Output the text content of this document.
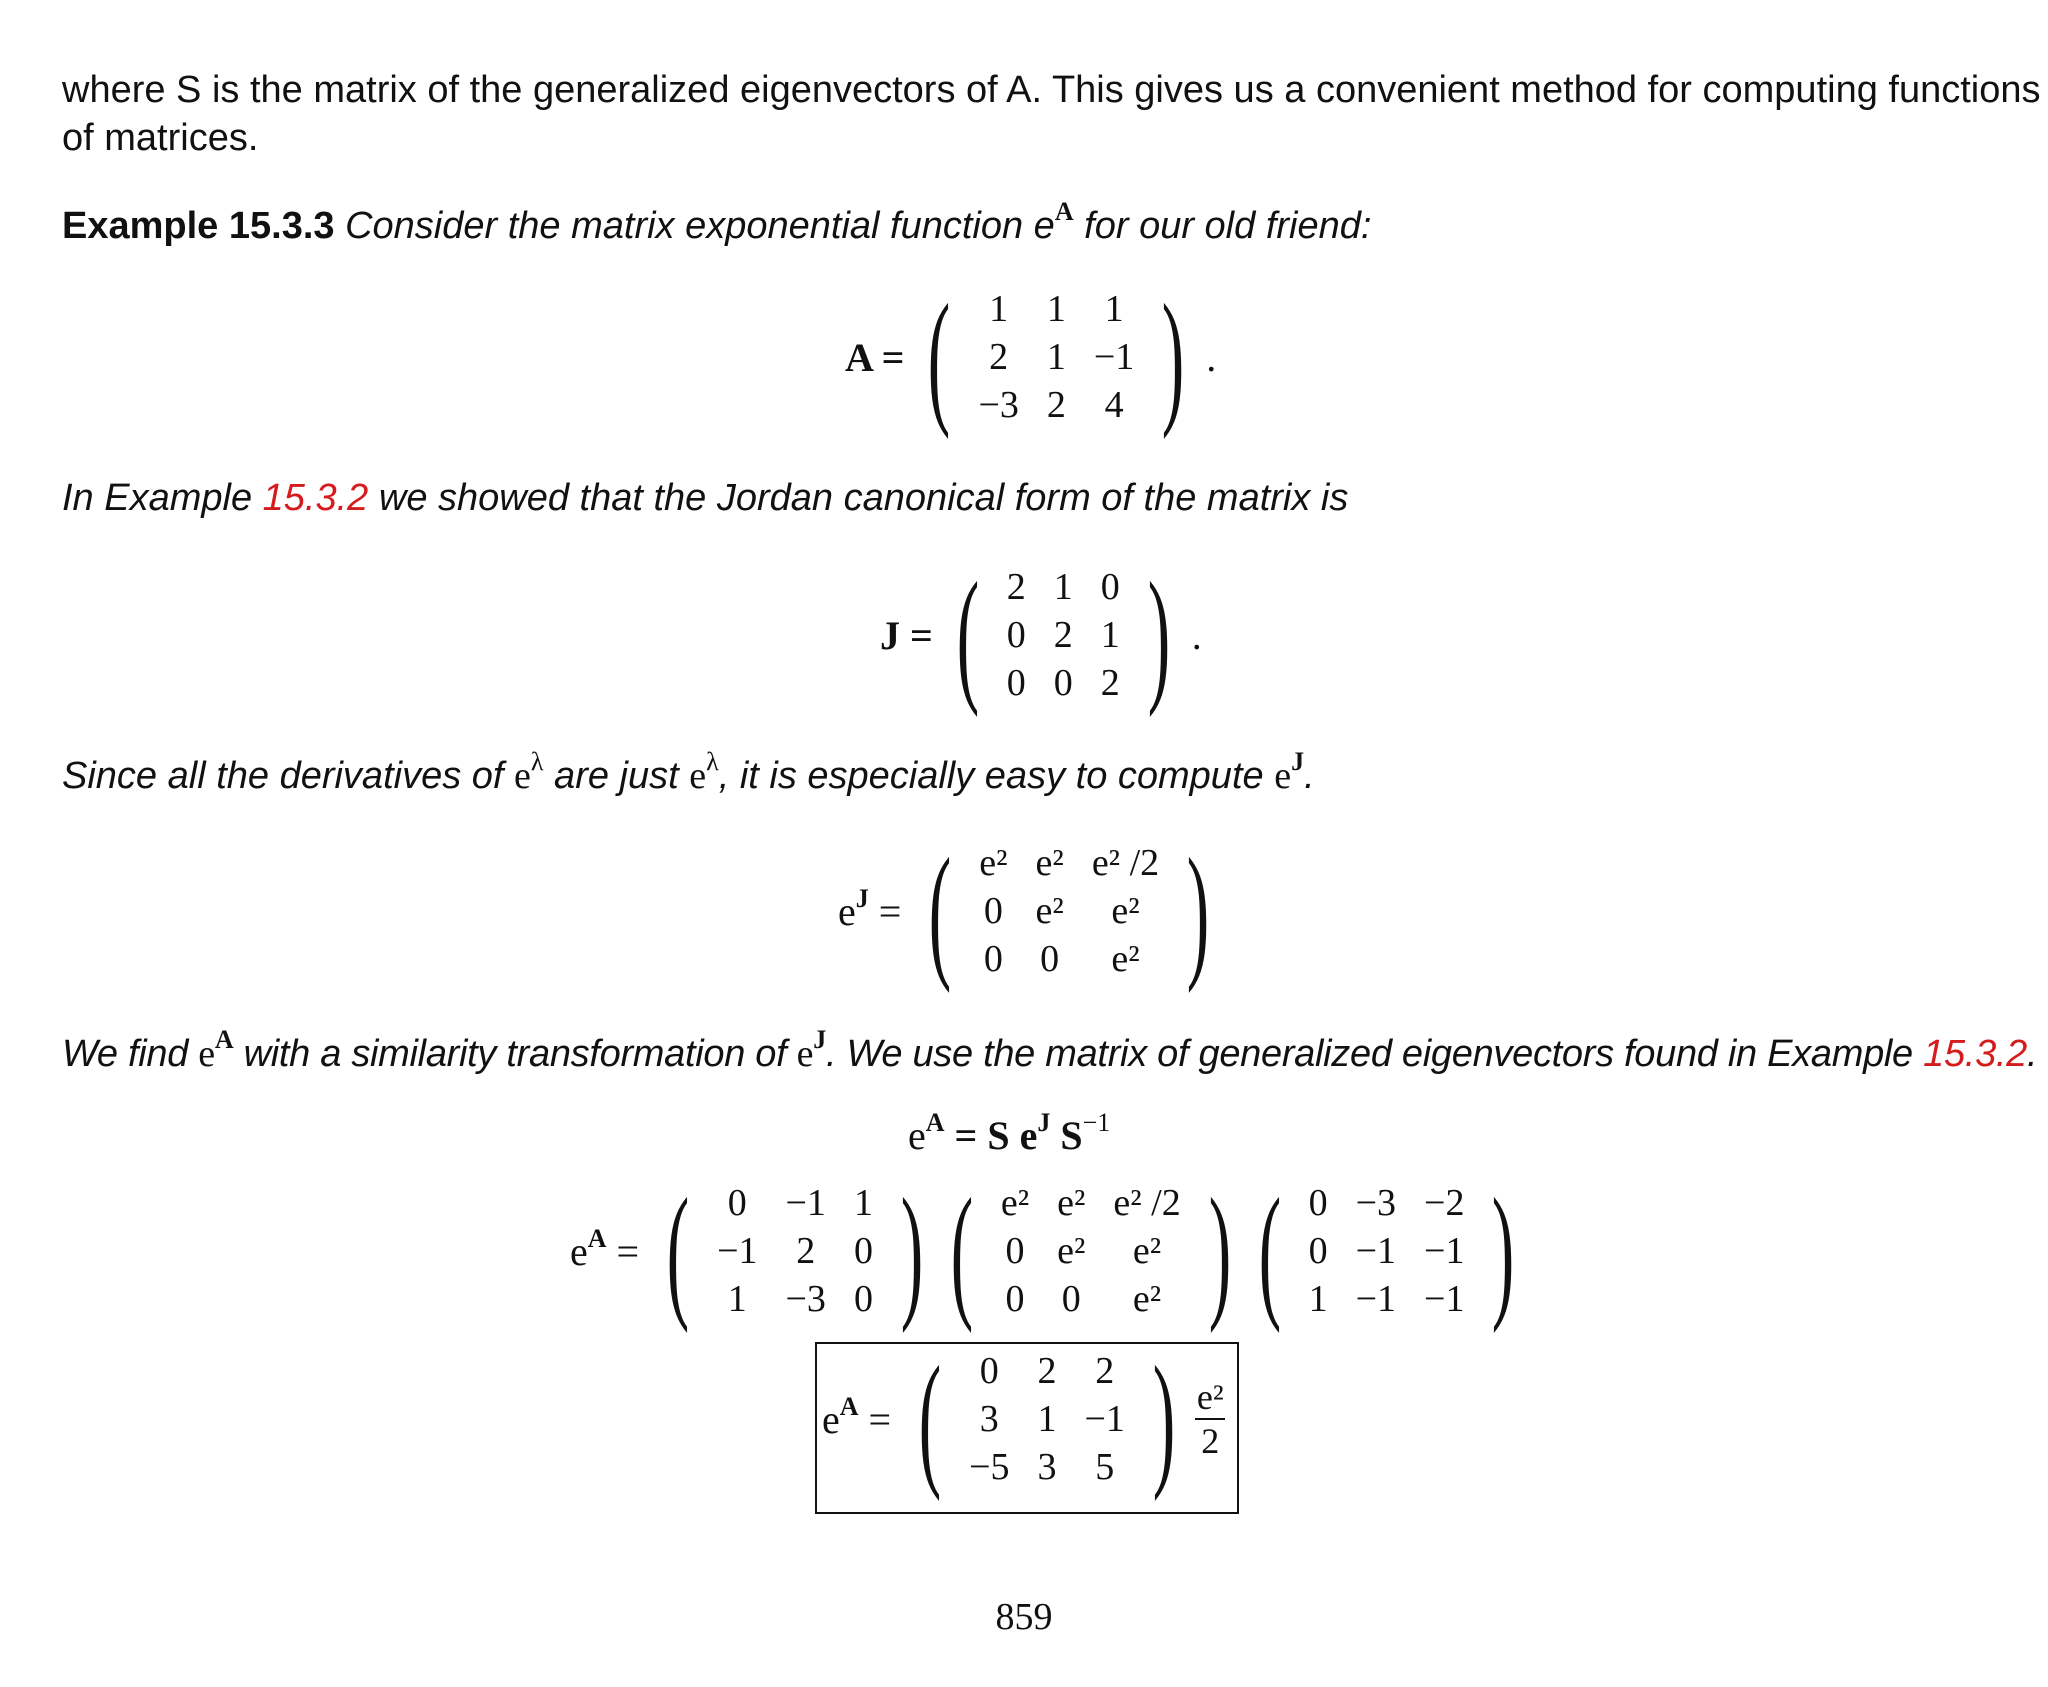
where S is the matrix of the generalized eigenvectors of A. This gives us a convenient method for computing functions
of matrices.
Example 15.3.3 Consider the matrix exponential function $e^A$ for our old friend:
A = ( 1	1	1
2	1	−1
−3	2	4 ) .
In Example 15.3.2 we showed that the Jordan canonical form of the matrix is
J = ( 2	1	0
0	2	1
0	0	2 ) .
Since all the derivatives of $e^\lambda$ are just $e^\lambda$, it is especially easy to compute $e^J$.
$e^J$ = ( e²	e²	e² /2
0	e²	e²
0	0	e² )
We find $e^A$ with a similarity transformation of $e^J$. We use the matrix of generalized eigenvectors found in Example 15.3.2.
$e^A = S$ $e^J$ $S^{-1}$
$e^A$ = ( 0	−1	1
−1	2	0
1	−3	0 ) ( e²	e²	e² /2
0	e²	e²
0	0	e² ) ( 0	−3	−2
0	−1	−1
1	−1	−1 )
$e^A$ = ( 0	2	2
3	1	−1
−5	3	5 ) $\frac{\text{e²}}{2}$
859
